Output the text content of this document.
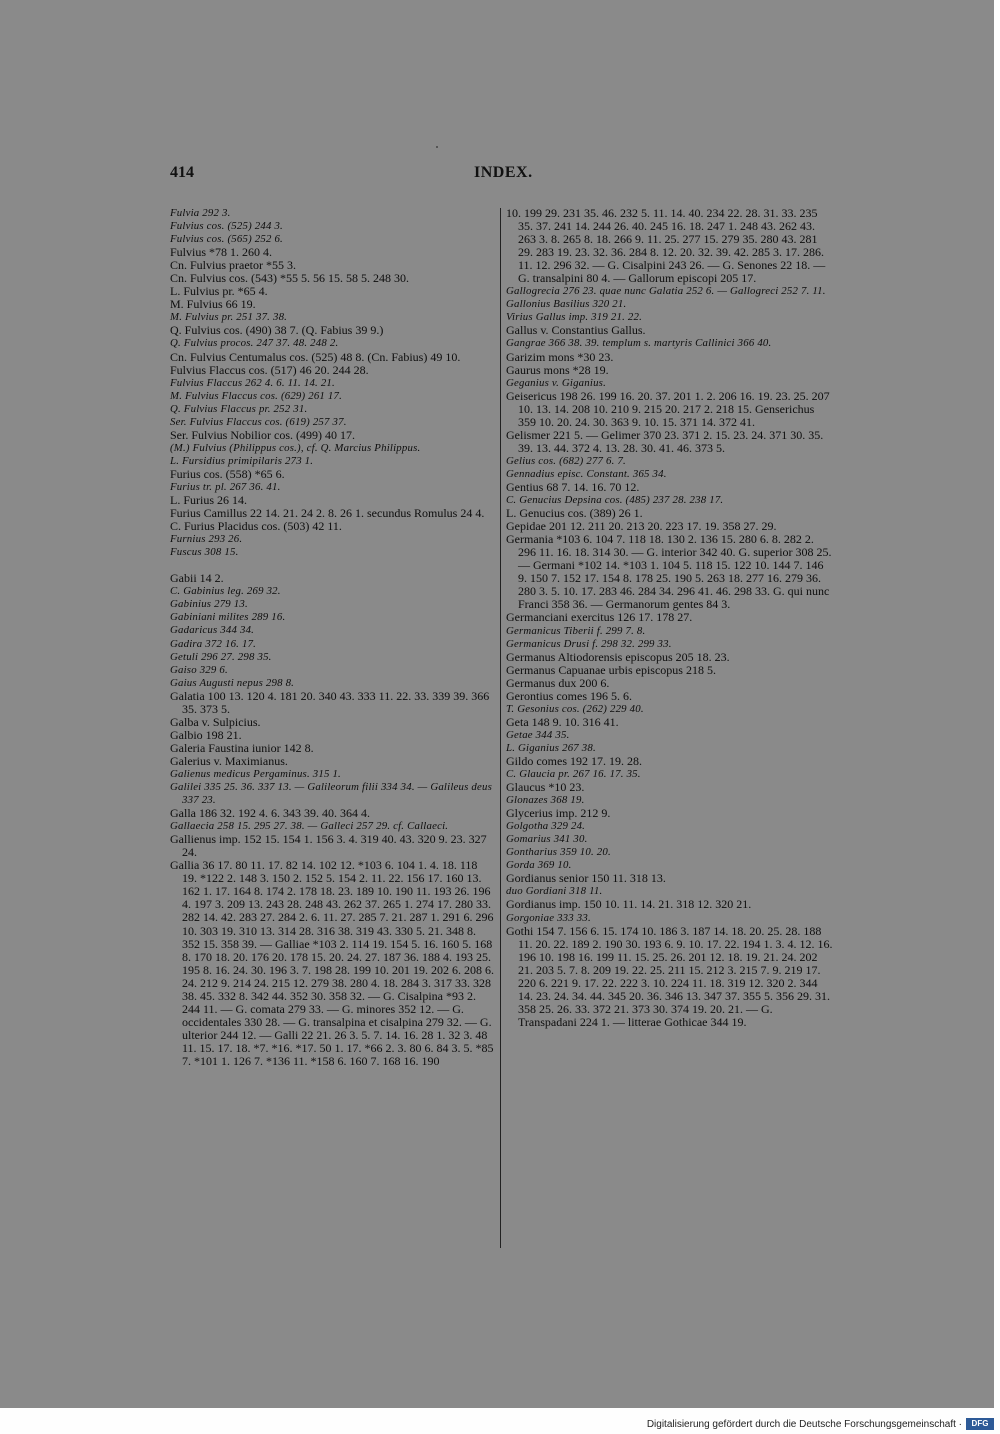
414	INDEX.
Fulvia 292 3.
Fulvius cos. (525) 244 3.
Fulvius cos. (565) 252 6.
Fulvius *78 1. 260 4.
Cn. Fulvius praetor *55 3.
Cn. Fulvius cos. (543) *55 5. 56 15. 58 5. 248 30.
L. Fulvius pr. *65 4.
M. Fulvius 66 19.
M. Fulvius pr. 251 37. 38.
Q. Fulvius cos. (490) 38 7. (Q. Fabius 39 9.)
Q. Fulvius procos. 247 37. 48. 248 2.
Cn. Fulvius Centumalus cos. (525) 48 8. (Cn. Fabius) 49 10.
Fulvius Flaccus cos. (517) 46 20. 244 28.
Fulvius Flaccus 262 4. 6. 11. 14. 21.
M. Fulvius Flaccus cos. (629) 261 17.
Q. Fulvius Flaccus pr. 252 31.
Ser. Fulvius Flaccus cos. (619) 257 37.
Ser. Fulvius Nobilior cos. (499) 40 17.
(M.) Fulvius (Philippus cos.), cf. Q. Marcius Philippus.
L. Fursidius primipilaris 273 1.
Furius cos. (558) *65 6.
Furius tr. pl. 267 36. 41.
L. Furius 26 14.
Furius Camillus 22 14. 21. 24 2. 8. 26 1. secundus Romulus 24 4.
C. Furius Placidus cos. (503) 42 11.
Furnius 293 26.
Fuscus 308 15.
Gabii 14 2.
C. Gabinius leg. 269 32.
Gabinius 279 13.
Gabiniani milites 289 16.
Gadaricus 344 34.
Gadira 372 16. 17.
Getuli 296 27. 298 35.
Gaiso 329 6.
Gaius Augusti nepus 298 8.
Galatia 100 13. 120 4. 181 20. 340 43. 333 11. 22. 33. 339 39. 366 35. 373 5.
Galba v. Sulpicius.
Galbio 198 21.
Galeria Faustina iunior 142 8.
Galerius v. Maximianus.
Galienus medicus Pergaminus. 315 1.
Galilei 335 25. 36. 337 13. — Galileorum filii 334 34. — Galileus deus 337 23.
Galla 186 32. 192 4. 6. 343 39. 40. 364 4.
Gallaecia 258 15. 295 27. 38. — Galleci 257 29. cf. Callaeci.
Gallienus imp. 152 15. 154 1. 156 3. 4. 319 40. 43. 320 9. 23. 327 24.
Gallia 36 17. 80 11. 17. 82 14. 102 12. *103 6. 104 1. 4. 18. 118 19. *122 2. 148 3. 150 2. 152 5. 154 2. 11. 22. 156 17. 160 13. 162 1. 17. 164 8. 174 2. 178 18. 23. 189 10. 190 11. 193 26. 196 4. 197 3. 209 13. 243 28. 248 43. 262 37. 265 1. 274 17. 280 33. 282 14. 42. 283 27. 284 2. 6. 11. 27. 285 7. 21. 287 1. 291 6. 296 10. 303 19. 310 13. 314 28. 316 38. 319 43. 330 5. 21. 348 8. 352 15. 358 39. — Galliae *103 2. 114 19. 154 5. 16. 160 5. 168 8. 170 18. 20. 176 20. 178 15. 20. 24. 27. 187 36. 188 4. 193 25. 195 8. 16. 24. 30. 196 3. 7. 198 28. 199 10. 201 19. 202 6. 208 6. 24. 212 9. 214 24. 215 12. 279 38. 280 4. 18. 284 3. 317 33. 328 38. 45. 332 8. 342 44. 352 30. 358 32. — G. Cisalpina *93 2. 244 11. — G. comata 279 33. — G. minores 352 12. — G. occidentales 330 28. — G. transalpina et cisalpina 279 32. — G. ulterior 244 12. — Galli 22 21. 26 3. 5. 7. 14. 16. 28 1. 32 3. 48 11. 15. 17. 18. *7. *16. *17. 50 1. 17. *66 2. 3. 80 6. 84 3. 5. *85 7. *101 1. 126 7. *136 11. *158 6. 160 7. 168 16. 190
10. 199 29. 231 35. 46. 232 5. 11. 14. 40. 234 22. 28. 31. 33. 235 35. 37. 241 14. 244 26. 40. 245 16. 18. 247 1. 248 43. 262 43. 263 3. 8. 265 8. 18. 266 9. 11. 25. 277 15. 279 35. 280 43. 281 29. 283 19. 23. 32. 36. 284 8. 12. 20. 32. 39. 42. 285 3. 17. 286. 11. 12. 296 32. — G. Cisalpini 243 26. — G. Senones 22 18. — G. transalpini 80 4. — Gallorum episcopi 205 17.
Gallogrecia 276 23. quae nunc Galatia 252 6. — Gallogreci 252 7. 11.
Gallonius Basilius 320 21.
Virius Gallus imp. 319 21. 22.
Gallus v. Constantius Gallus.
Gangrae 366 38. 39. templum s. martyris Callinici 366 40.
Garizim mons *30 23.
Gaurus mons *28 19.
Geganius v. Giganius.
Geisericus 198 26. 199 16. 20. 37. 201 1. 2. 206 16. 19. 23. 25. 207 10. 13. 14. 208 10. 210 9. 215 20. 217 2. 218 15. Genserichus 359 10. 20. 24. 30. 363 9. 10. 15. 371 14. 372 41.
Gelismer 221 5. — Gelimer 370 23. 371 2. 15. 23. 24. 371 30. 35. 39. 13. 44. 372 4. 13. 28. 30. 41. 46. 373 5.
Gelius cos. (682) 277 6. 7.
Gennadius episc. Constant. 365 34.
Gentius 68 7. 14. 16. 70 12.
C. Genucius Depsina cos. (485) 237 28. 238 17.
L. Genucius cos. (389) 26 1.
Gepidae 201 12. 211 20. 213 20. 223 17. 19. 358 27. 29.
Germania *103 6. 104 7. 118 18. 130 2. 136 15. 280 6. 8. 282 2. 296 11. 16. 18. 314 30. — G. interior 342 40. G. superior 308 25. — Germani *102 14. *103 1. 104 5. 118 15. 122 10. 144 7. 146 9. 150 7. 152 17. 154 8. 178 25. 190 5. 263 18. 277 16. 279 36. 280 3. 5. 10. 17. 283 46. 284 34. 296 41. 46. 298 33. G. qui nunc Franci 358 36. — Germanorum gentes 84 3.
Germanciani exercitus 126 17. 178 27.
Germanicus Tiberii f. 299 7. 8.
Germanicus Drusi f. 298 32. 299 33.
Germanus Altiodorensis episcopus 205 18. 23.
Germanus Capuanae urbis episcopus 218 5.
Germanus dux 200 6.
Gerontius comes 196 5. 6.
T. Gesonius cos. (262) 229 40.
Geta 148 9. 10. 316 41.
Getae 344 35.
L. Giganius 267 38.
Gildo comes 192 17. 19. 28.
C. Glaucia pr. 267 16. 17. 35.
Glaucus *10 23.
Glonazes 368 19.
Glycerius imp. 212 9.
Golgotha 329 24.
Gomarius 341 30.
Gontharius 359 10. 20.
Gorda 369 10.
Gordianus senior 150 11. 318 13.
duo Gordiani 318 11.
Gordianus imp. 150 10. 11. 14. 21. 318 12. 320 21.
Gorgoniae 333 33.
Gothi 154 7. 156 6. 15. 174 10. 186 3. 187 14. 18. 20. 25. 28. 188 11. 20. 22. 189 2. 190 30. 193 6. 9. 10. 17. 22. 194 1. 3. 4. 12. 16. 196 10. 198 16. 199 11. 15. 25. 26. 201 12. 18. 19. 21. 24. 202 21. 203 5. 7. 8. 209 19. 22. 25. 211 15. 212 3. 215 7. 9. 219 17. 220 6. 221 9. 17. 22. 222 3. 10. 224 11. 18. 319 12. 320 2. 344 14. 23. 24. 34. 44. 345 20. 36. 346 13. 347 37. 355 5. 356 29. 31. 358 25. 26. 33. 372 21. 373 30. 374 19. 20. 21. — G. Transpadani 224 1. — litterae Gothicae 344 19.
Digitalisierung gefördert durch die Deutsche Forschungsgemeinschaft ·	DFG
